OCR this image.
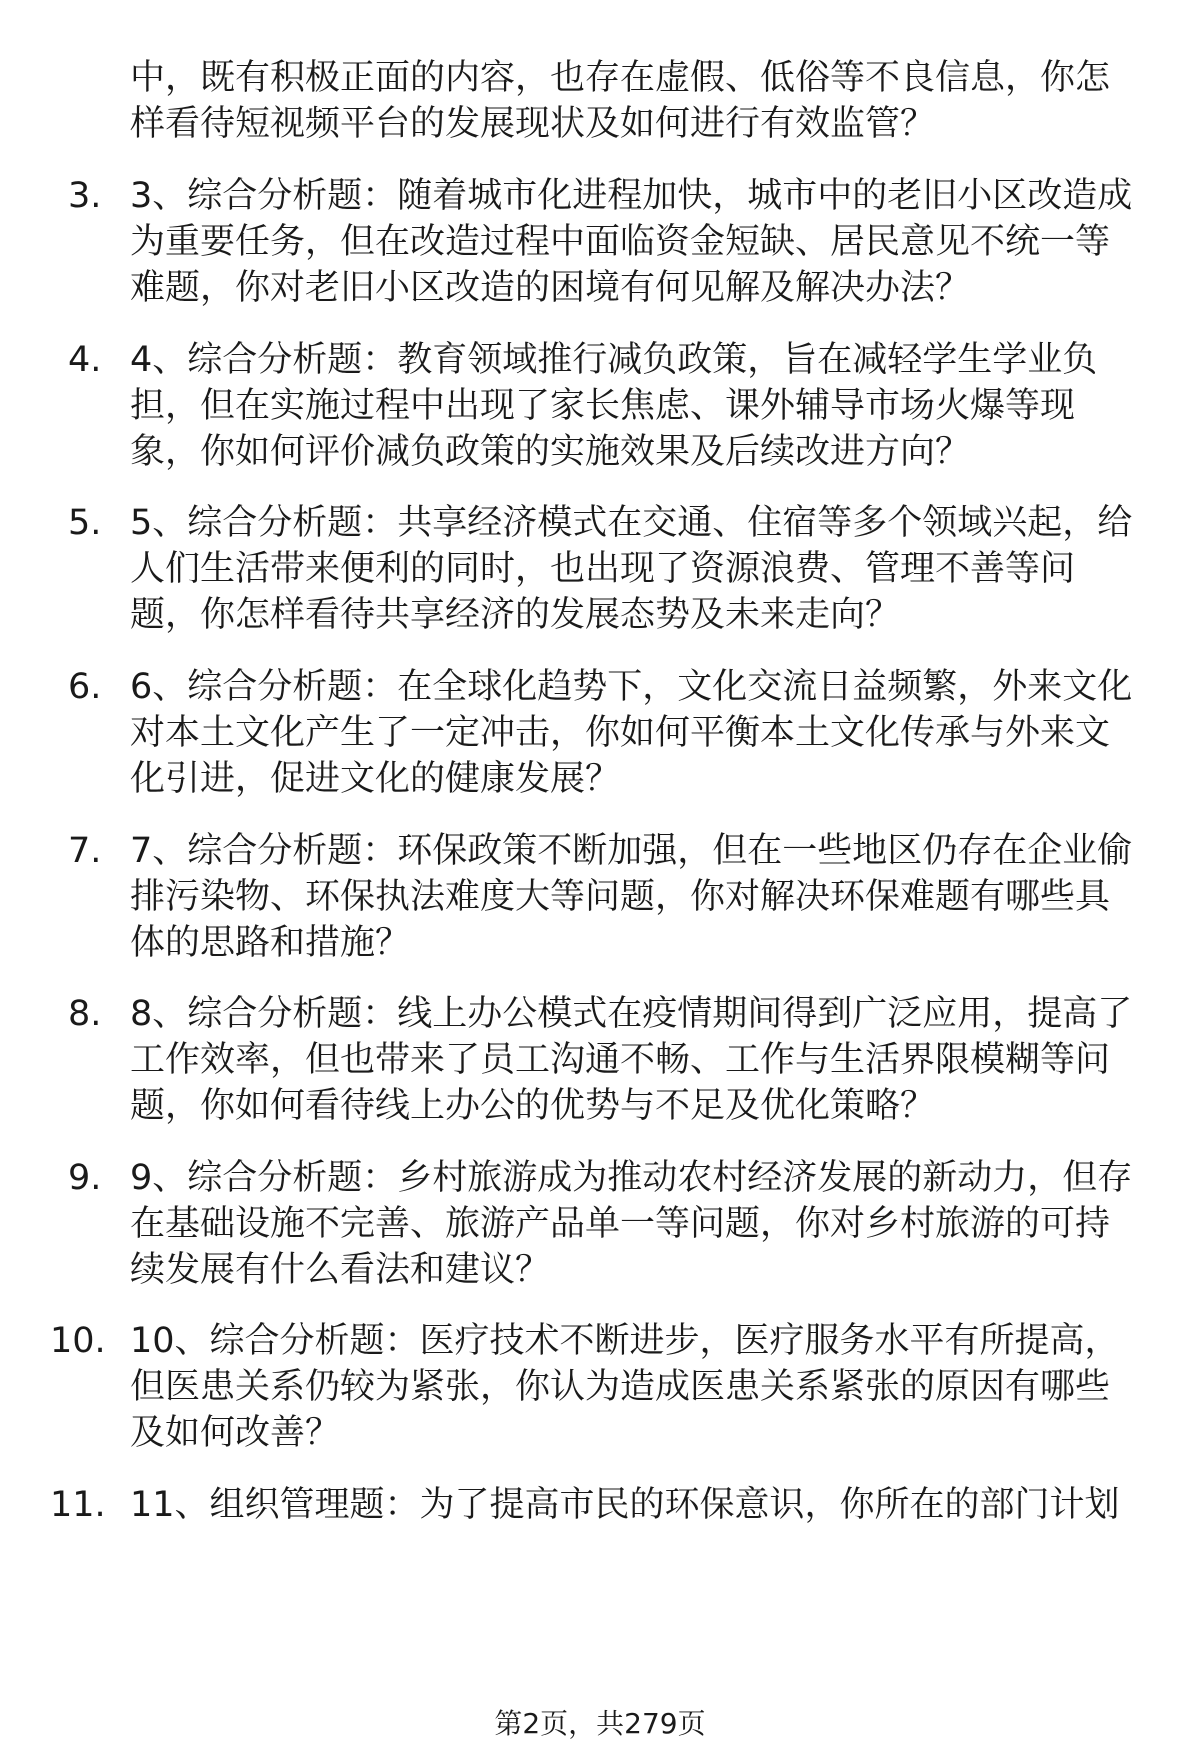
中，既有积极正面的内容，也存在虚假、低俗等不良信息，你怎
样看待短视频平台的发展现状及如何进行有效监管？
3. 3、综合分析题：随着城市化进程加快，城市中的老旧小区改造成
为重要任务，但在改造过程中面临资金短缺、居民意见不统一等
难题，你对老旧小区改造的困境有何见解及解决办法？
4. 4、综合分析题：教育领域推行减负政策，旨在减轻学生学业负
担，但在实施过程中出现了家长焦虑、课外辅导市场火爆等现
象，你如何评价减负政策的实施效果及后续改进方向？
5. 5、综合分析题：共享经济模式在交通、住宿等多个领域兴起，给
人们生活带来便利的同时，也出现了资源浪费、管理不善等问
题，你怎样看待共享经济的发展态势及未来走向？
6. 6、综合分析题：在全球化趋势下，文化交流日益频繁，外来文化
对本土文化产生了一定冲击，你如何平衡本土文化传承与外来文
化引进，促进文化的健康发展？
7. 7、综合分析题：环保政策不断加强，但在一些地区仍存在企业偷
排污染物、环保执法难度大等问题，你对解决环保难题有哪些具
体的思路和措施？
8. 8、综合分析题：线上办公模式在疫情期间得到广泛应用，提高了
工作效率，但也带来了员工沟通不畅、工作与生活界限模糊等问
题，你如何看待线上办公的优势与不足及优化策略？
9. 9、综合分析题：乡村旅游成为推动农村经济发展的新动力，但存
在基础设施不完善、旅游产品单一等问题，你对乡村旅游的可持
续发展有什么看法和建议？
10. 10、综合分析题：医疗技术不断进步，医疗服务水平有所提高，
但医患关系仍较为紧张，你认为造成医患关系紧张的原因有哪些
及如何改善？
11. 11、组织管理题：为了提高市民的环保意识，你所在的部门计划
第2页，共279页
